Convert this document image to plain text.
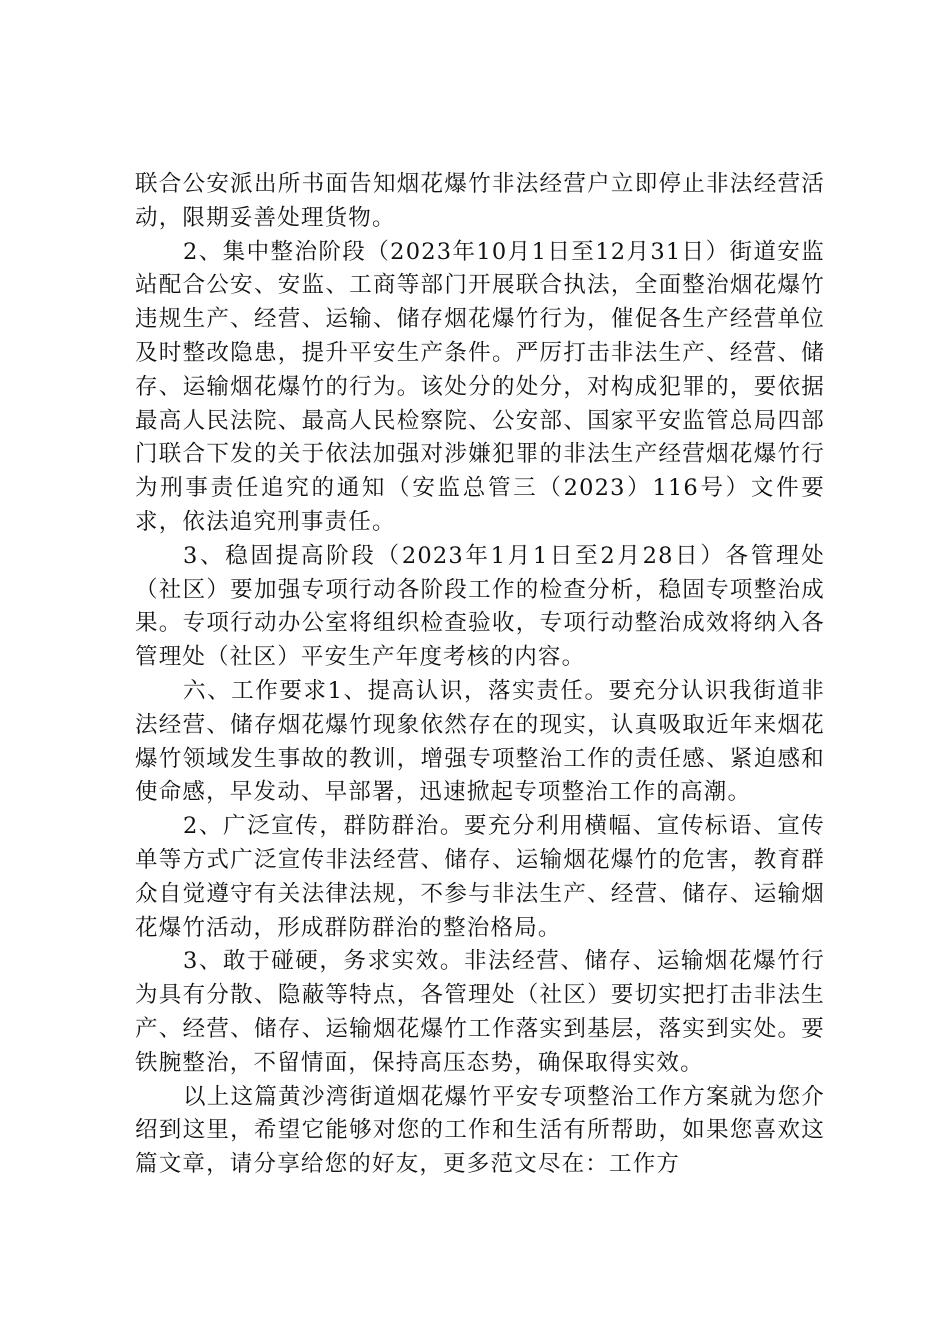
联合公安派出所书面告知烟花爆竹非法经营户立即停止非法经营活动，限期妥善处理货物。

2、集中整治阶段（2023年10月1日至12月31日）街道安监站配合公安、安监、工商等部门开展联合执法，全面整治烟花爆竹违规生产、经营、运输、储存烟花爆竹行为，催促各生产经营单位及时整改隐患，提升平安生产条件。严厉打击非法生产、经营、储存、运输烟花爆竹的行为。该处分的处分，对构成犯罪的，要依据最高人民法院、最高人民检察院、公安部、国家平安监管总局四部门联合下发的关于依法加强对涉嫌犯罪的非法生产经营烟花爆竹行为刑事责任追究的通知（安监总管三（2023）116号）文件要求，依法追究刑事责任。

3、稳固提高阶段（2023年1月1日至2月28日）各管理处（社区）要加强专项行动各阶段工作的检查分析，稳固专项整治成果。专项行动办公室将组织检查验收，专项行动整治成效将纳入各管理处（社区）平安生产年度考核的内容。

六、工作要求1、提高认识，落实责任。要充分认识我街道非法经营、储存烟花爆竹现象依然存在的现实，认真吸取近年来烟花爆竹领域发生事故的教训，增强专项整治工作的责任感、紧迫感和使命感，早发动、早部署，迅速掀起专项整治工作的高潮。

2、广泛宣传，群防群治。要充分利用横幅、宣传标语、宣传单等方式广泛宣传非法经营、储存、运输烟花爆竹的危害，教育群众自觉遵守有关法律法规，不参与非法生产、经营、储存、运输烟花爆竹活动，形成群防群治的整治格局。

3、敢于碰硬，务求实效。非法经营、储存、运输烟花爆竹行为具有分散、隐蔽等特点，各管理处（社区）要切实把打击非法生产、经营、储存、运输烟花爆竹工作落实到基层，落实到实处。要铁腕整治，不留情面，保持高压态势，确保取得实效。

以上这篇黄沙湾街道烟花爆竹平安专项整治工作方案就为您介绍到这里，希望它能够对您的工作和生活有所帮助，如果您喜欢这篇文章，请分享给您的好友，更多范文尽在：工作方
